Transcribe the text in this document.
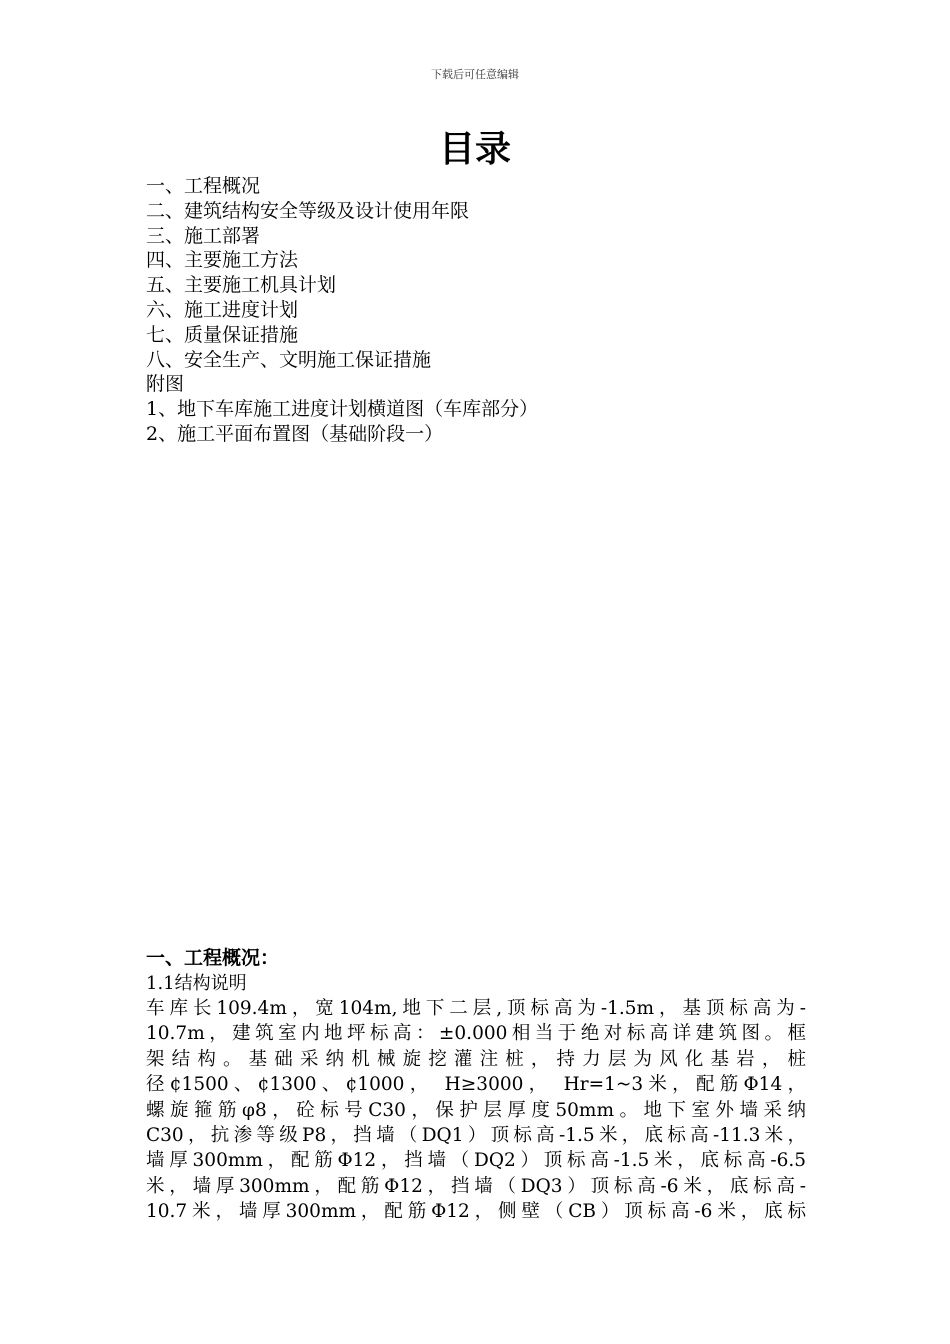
下载后可任意编辑
目录
一、工程概况
二、建筑结构安全等级及设计使用年限
三、施工部署
四、主要施工方法
五、主要施工机具计划
六、施工进度计划
七、质量保证措施
八、安全生产、文明施工保证措施
附图
1、地下车库施工进度计划横道图（车库部分）
2、施工平面布置图（基础阶段一）
一、工程概况：
1.1结构说明
车库长109.4m，宽104m,地下二层,顶标高为-1.5m，基顶标高为-
10.7m，建筑室内地坪标高：±0.000相当于绝对标高详建筑图。框
架结构。基础采纳机械旋挖灌注桩，持力层为风化基岩，桩
径¢1500、¢1300、¢1000， H≥3000， Hr=1~3米，配筋Φ14，
螺旋箍筋φ8，砼标号C30，保护层厚度50mm。地下室外墙采纳
C30，抗渗等级P8，挡墙（DQ1）顶标高-1.5米，底标高-11.3米，
墙厚300mm，配筋Φ12，挡墙（DQ2）顶标高-1.5米，底标高-6.5
米，墙厚300mm，配筋Φ12，挡墙（DQ3）顶标高-6米，底标高-
10.7米，墙厚300mm，配筋Φ12，侧壁（CB）顶标高-6米，底标
